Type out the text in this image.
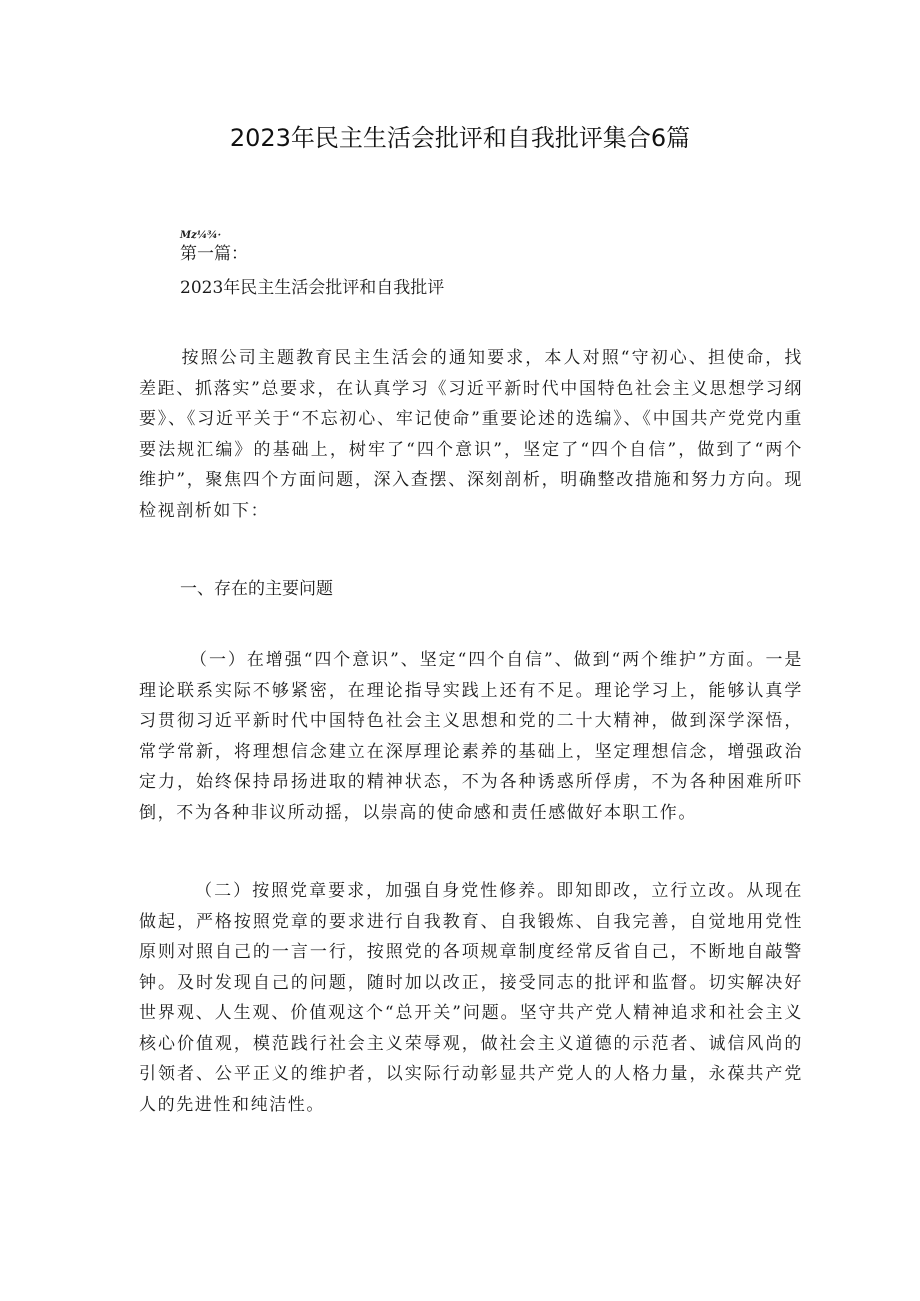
2023年民主生活会批评和自我批评集合6篇
Mz¼¾·
第一篇：
2023年民主生活会批评和自我批评
按照公司主题教育民主生活会的通知要求，本人对照“守初心、担使命，找差距、抓落实”总要求，在认真学习《习近平新时代中国特色社会主义思想学习纲要》、《习近平关于“不忘初心、牢记使命”重要论述的选编》、《中国共产党党内重要法规汇编》的基础上，树牢了“四个意识”，坚定了“四个自信”，做到了“两个维护”，聚焦四个方面问题，深入查摆、深刻剖析，明确整改措施和努力方向。现检视剖析如下：
一、存在的主要问题
（一）在增强“四个意识”、坚定“四个自信”、做到“两个维护”方面。一是理论联系实际不够紧密，在理论指导实践上还有不足。理论学习上，能够认真学习贯彻习近平新时代中国特色社会主义思想和党的二十大精神，做到深学深悟，常学常新，将理想信念建立在深厚理论素养的基础上，坚定理想信念，增强政治定力，始终保持昂扬进取的精神状态，不为各种诱惑所俘虏，不为各种困难所吓倒，不为各种非议所动摇，以崇高的使命感和责任感做好本职工作。
（二）按照党章要求，加强自身党性修养。即知即改，立行立改。从现在做起，严格按照党章的要求进行自我教育、自我锻炼、自我完善，自觉地用党性原则对照自己的一言一行，按照党的各项规章制度经常反省自己，不断地自敲警钟。及时发现自己的问题，随时加以改正，接受同志的批评和监督。切实解决好世界观、人生观、价值观这个“总开关”问题。坚守共产党人精神追求和社会主义核心价值观，模范践行社会主义荣辱观，做社会主义道德的示范者、诚信风尚的引领者、公平正义的维护者，以实际行动彰显共产党人的人格力量，永葆共产党人的先进性和纯洁性。
